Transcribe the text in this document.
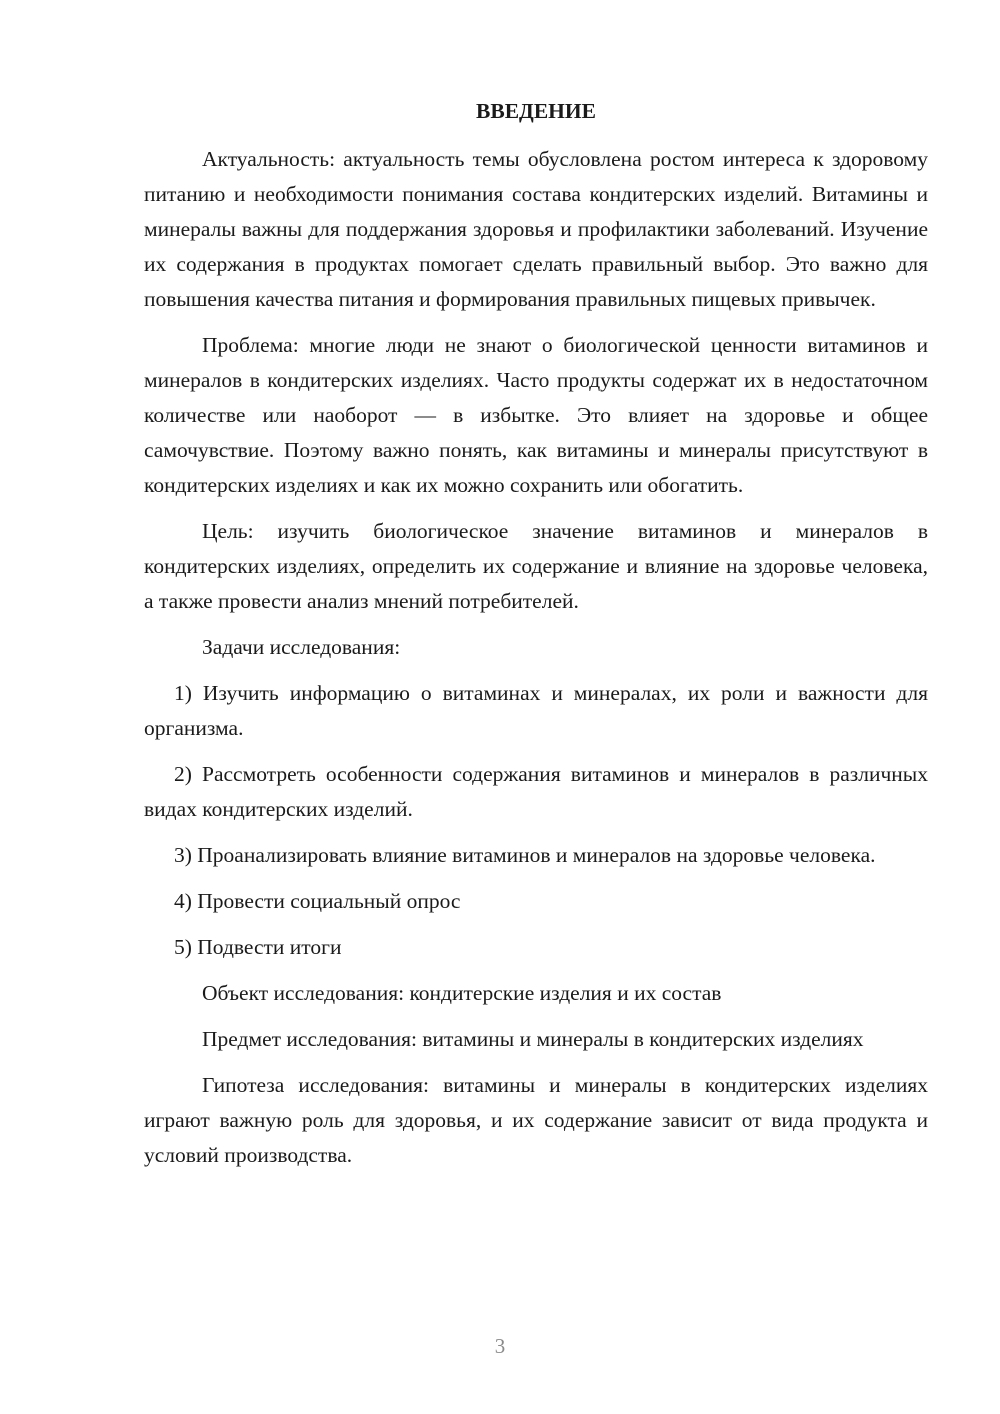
ВВЕДЕНИЕ

Актуальность: актуальность темы обусловлена ростом интереса к здоровому питанию и необходимости понимания состава кондитерских изделий. Витамины и минералы важны для поддержания здоровья и профилактики заболеваний. Изучение их содержания в продуктах помогает сделать правильный выбор. Это важно для повышения качества питания и формирования правильных пищевых привычек.

Проблема: многие люди не знают о биологической ценности витаминов и минералов в кондитерских изделиях. Часто продукты содержат их в недостаточном количестве или наоборот — в избытке. Это влияет на здоровье и общее самочувствие. Поэтому важно понять, как витамины и минералы присутствуют в кондитерских изделиях и как их можно сохранить или обогатить.

Цель: изучить биологическое значение витаминов и минералов в кондитерских изделиях, определить их содержание и влияние на здоровье человека, а также провести анализ мнений потребителей.

Задачи исследования:

1) Изучить информацию о витаминах и минералах, их роли и важности для организма.

2) Рассмотреть особенности содержания витаминов и минералов в различных видах кондитерских изделий.

3) Проанализировать влияние витаминов и минералов на здоровье человека.

4) Провести социальный опрос

5) Подвести итоги

Объект исследования: кондитерские изделия и их состав

Предмет исследования: витамины и минералы в кондитерских изделиях

Гипотеза исследования: витамины и минералы в кондитерских изделиях играют важную роль для здоровья, и их содержание зависит от вида продукта и условий производства.

3
